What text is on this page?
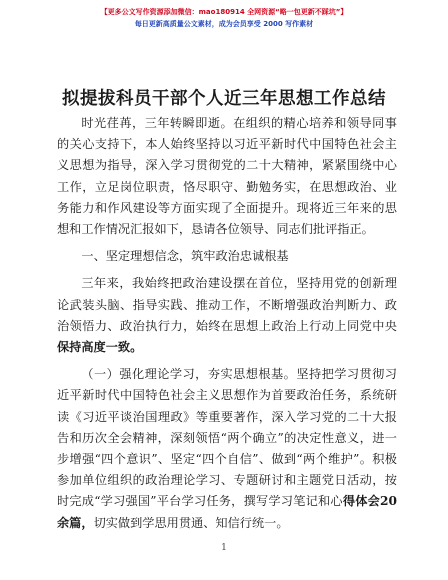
【更多公文写作资源添加微信：mao180914 全网资源“略一包更新不踩坑”】
每日更新高质量公文素材，成为会员享受 2000 写作素材
拟提拔科员干部个人近三年思想工作总结

时光荏苒，三年转瞬即逝。在组织的精心培养和领导同事的关心支持下，本人始终坚持以习近平新时代中国特色社会主义思想为指导，深入学习贯彻党的二十大精神，紧紧围绕中心工作，立足岗位职责，恪尽职守、勤勉务实，在思想政治、业务能力和作风建设等方面实现了全面提升。现将近三年来的思想和工作情况汇报如下，恳请各位领导、同志们批评指正。

一、坚定理想信念，筑牢政治忠诚根基

三年来，我始终把政治建设摆在首位，坚持用党的创新理论武装头脑、指导实践、推动工作，不断增强政治判断力、政治领悟力、政治执行力，始终在思想上政治上行动上同党中央保持高度一致。

（一）强化理论学习，夯实思想根基。坚持把学习贯彻习近平新时代中国特色社会主义思想作为首要政治任务，系统研读《习近平谈治国理政》等重要著作，深入学习党的二十大报告和历次全会精神，深刻领悟“两个确立”的决定性意义，进一步增强“四个意识”、坚定“四个自信”、做到“两个维护”。积极参加单位组织的政治理论学习、专题研讨和主题党日活动，按时完成“学习强国”平台学习任务，撰写学习笔记和心得体会20余篇，切实做到学思用贯通、知信行统一。

1
